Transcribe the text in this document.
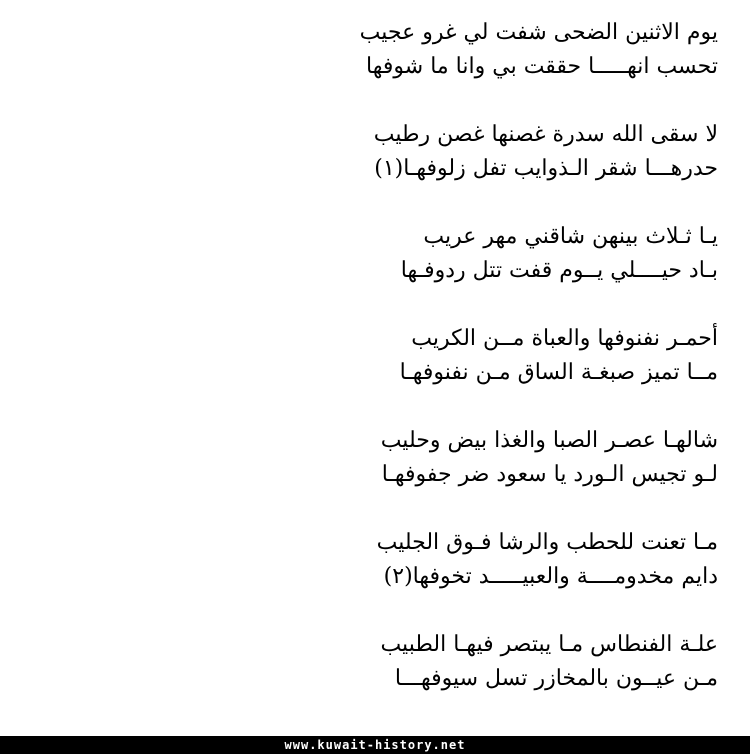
يوم الاثنين الضحى شفت لي غرو عجيب
تحسب انهـــــا حققت بي وانا ما شوفها
لا سقى الله سدرة غصنها غصن رطيب
حدرهـــا شقر الـذوايب تفل زلوفهـا(١)
يـا ثـلاث بينهن شاقني مهر عريب
بـاد حيــــلي يــوم قفت تتل ردوفـها
أحمـر نفنوفها والعباة مــن الكريب
مــا تميز صبغـة الساق مـن نفنوفهـا
شالهـا عصـر الصبا والغذا بيض وحليب
لـو تجيس الـورد يا سعود ضر جفوفهـا
مـا تعنت للحطب والرشا فـوق الجليب
دايم مخدومــــة والعبيـــــد تخوفها(٢)
علـة الفنطاس مـا يبتصر فيهـا الطبيب
مـن عيــون بالمخازر تسل سيوفهـــا
www.kuwait-history.net
